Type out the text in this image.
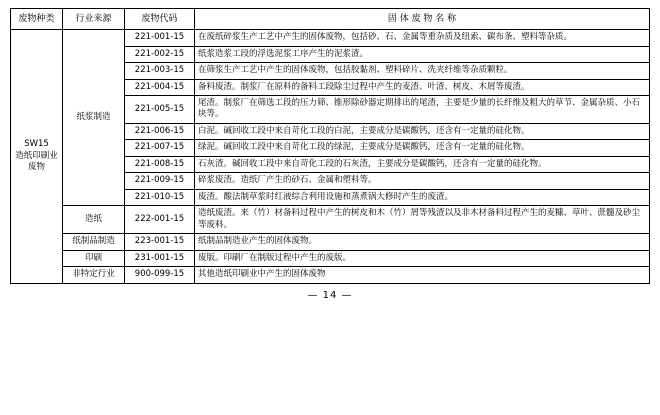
废物种类	行业来源	废物代码	固 体 废 物 名 称

SW15
造纸印刷业
废物	纸浆制造	221-001-15	在废纸碎浆生产工艺中产生的固体废物，包括砂、石、金属等重杂质及纽索、碳布条、塑料等杂质。
		221-002-15	纸浆造浆工段的浮选泥浆工序产生的泥浆渣。
		221-003-15	在筛浆生产工艺中产生的固体废物，包括胶黏剂、塑料碎片、洗夹纤维等杂质颗粒。
		221-004-15	备料废渣。制浆厂在原料的备料工段除尘过程中产生的麦渣、叶渣、树皮、木屑等废渣。
		221-005-15	尾渣。制浆厂在筛选工段的压力筛、锥形除砂器定期排出的尾渣，主要是少量的长纤维及粗大的草节、金属杂质、小石块等。
		221-006-15	白泥。碱回收工段中来自苛化工段的白泥，主要成分是碳酸钙，还含有一定量的硅化物。
		221-007-15	绿泥。碱回收工段中来自苛化工段的绿泥，主要成分是碳酸钙，还含有一定量的硅化物。
		221-008-15	石灰渣。碱回收工段中来自苛化工段的石灰渣，主要成分是碳酸钙，还含有一定量的硅化物。
		221-009-15	碎浆废渣。造纸厂产生的砂石、金属和塑料等。
		221-010-15	废渣。酸法制草浆时红液综合利用设施和蒸煮锅大修时产生的废渣。
	造纸	222-001-15	造纸废渣。来（竹）材备料过程中产生的树皮和木（竹）屑等残渣以及非木材备料过程产生的麦糠、草叶、蔗髓及砂尘等废料。
	纸制品制造	223-001-15	纸制品制造业产生的固体废物。
	印刷	231-001-15	废版。印刷厂在制版过程中产生的废版。
	非特定行业	900-099-15	其他造纸印刷业中产生的固体废物
— 14 —
